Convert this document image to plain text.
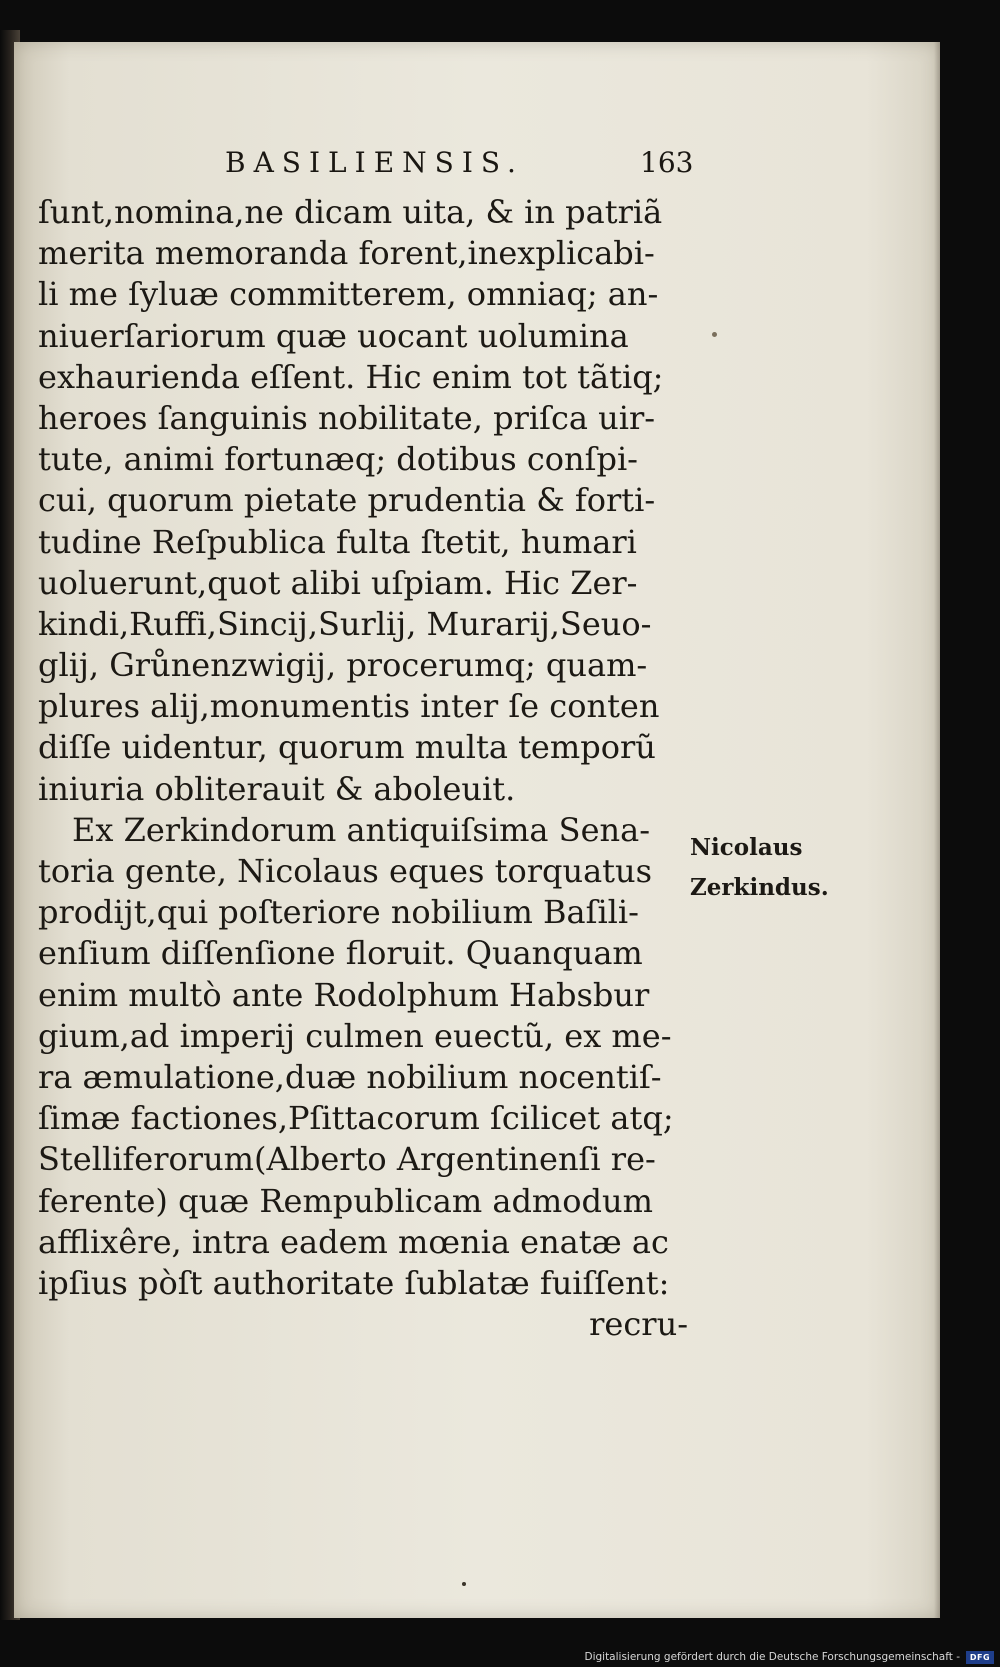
BASILIENSIS.	163
ſunt,nomina,ne dicam uita, & in patriã
merita memoranda forent,inexplicabi-
li me ſyluæ committerem, omniaq; an-
niuerſariorum quæ uocant uolumina
exhaurienda eſſent. Hic enim tot tãtiq;
heroes ſanguinis nobilitate, priſca uir-
tute, animi fortunæq; dotibus conſpi-
cui, quorum pietate prudentia & forti-
tudine Reſpublica fulta ſtetit, humari
uoluerunt,quot alibi uſpiam. Hic Zer-
kindi,Ruffi,Sincij,Surlij, Murarij,Seuo-
glij, Grůnenzwigij, procerumq; quam-
plures alij,monumentis inter ſe conten
diſſe uidentur, quorum multa temporũ
iniuria obliterauit & aboleuit.
Ex Zerkindorum antiquiſsima Sena-
toria gente, Nicolaus eques torquatus
prodijt,qui poſteriore nobilium Baſili-
enſium diſſenſione floruit. Quanquam
enim multò ante Rodolphum Habsbur
gium,ad imperij culmen euectũ, ex me-
ra æmulatione,duæ nobilium nocentiſ-
ſimæ factiones,Pſittacorum ſcilicet atq;
Stelliferorum(Alberto Argentinenſi re-
ferente) quæ Rempublicam admodum
afflixêre, intra eadem mœnia enatæ ac
ipſius pòſt authoritate ſublatæ fuiſſent:
recru-
Nicolaus
Zerkindus.
Digitalisierung gefördert durch die Deutsche Forschungsgemeinschaft -	DFG
